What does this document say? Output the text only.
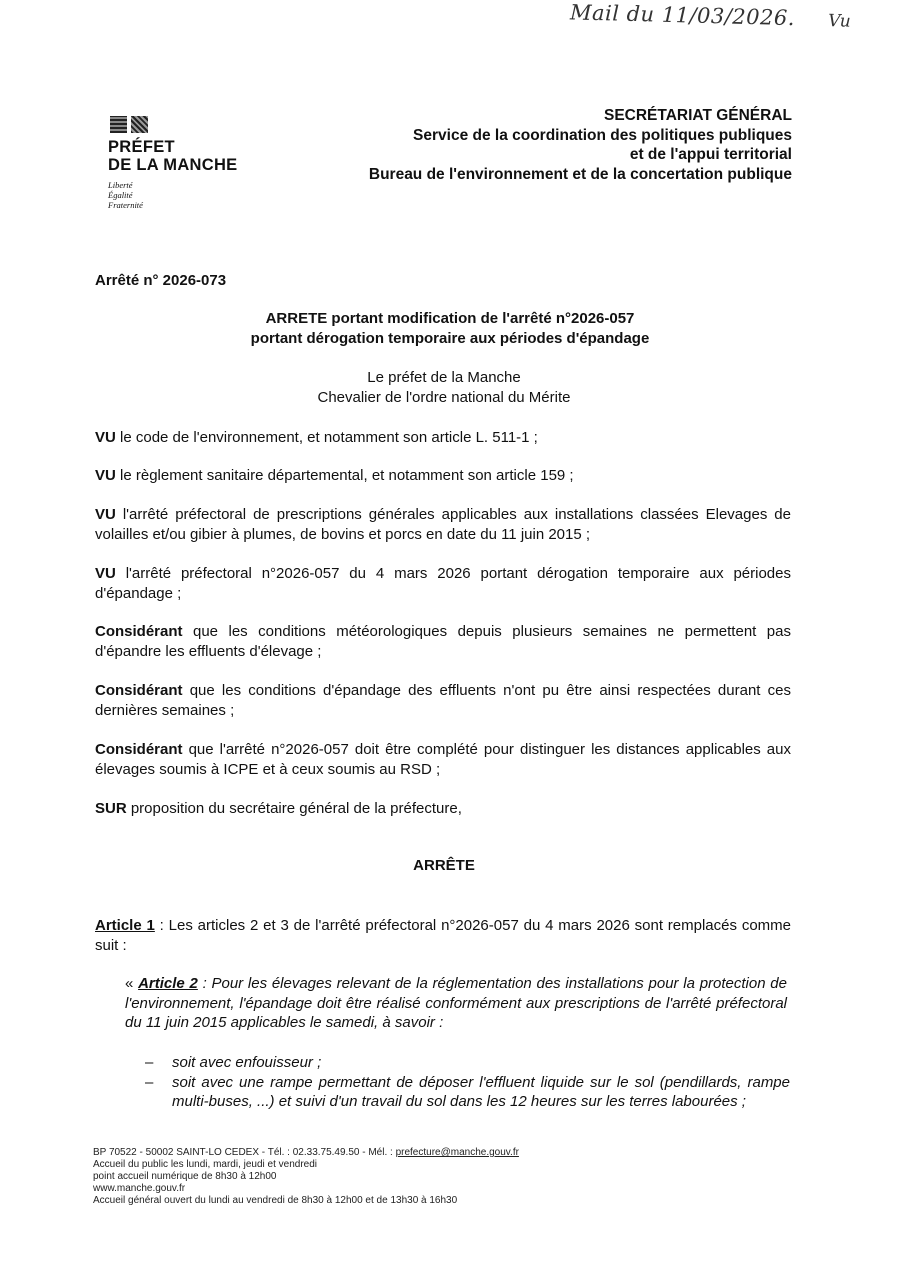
Mail du 11/03/2026. Vu
PRÉFET
DE LA MANCHE
Liberté
Égalité
Fraternité
SECRÉTARIAT GÉNÉRAL
Service de la coordination des politiques publiques
et de l'appui territorial
Bureau de l'environnement et de la concertation publique
Arrêté n° 2026-073
ARRETE portant modification de l'arrêté n°2026-057
portant dérogation temporaire aux périodes d'épandage
Le préfet de la Manche
Chevalier de l'ordre national du Mérite
VU le code de l'environnement, et notamment son article L. 511-1 ;
VU le règlement sanitaire départemental, et notamment son article 159 ;
VU l'arrêté préfectoral de prescriptions générales applicables aux installations classées Elevages de volailles et/ou gibier à plumes, de bovins et porcs en date du 11 juin 2015 ;
VU l'arrêté préfectoral n°2026-057 du 4 mars 2026 portant dérogation temporaire aux périodes d'épandage ;
Considérant que les conditions météorologiques depuis plusieurs semaines ne permettent pas d'épandre les effluents d'élevage ;
Considérant que les conditions d'épandage des effluents n'ont pu être ainsi respectées durant ces dernières semaines ;
Considérant que l'arrêté n°2026-057 doit être complété pour distinguer les distances applicables aux élevages soumis à ICPE et à ceux soumis au RSD ;
SUR proposition du secrétaire général de la préfecture,
ARRÊTE
Article 1 : Les articles 2 et 3 de l'arrêté préfectoral n°2026-057 du 4 mars 2026 sont remplacés comme suit :
« Article 2 : Pour les élevages relevant de la réglementation des installations pour la protection de l'environnement, l'épandage doit être réalisé conformément aux prescriptions de l'arrêté préfectoral du 11 juin 2015 applicables le samedi, à savoir :
– soit avec enfouisseur ;
– soit avec une rampe permettant de déposer l'effluent liquide sur le sol (pendillards, rampe multi-buses, ...) et suivi d'un travail du sol dans les 12 heures sur les terres labourées ;
BP 70522 - 50002 SAINT-LO CEDEX - Tél. : 02.33.75.49.50 - Mél. : prefecture@manche.gouv.fr
Accueil du public les lundi, mardi, jeudi et vendredi
point accueil numérique de 8h30 à 12h00
www.manche.gouv.fr
Accueil général ouvert du lundi au vendredi de 8h30 à 12h00 et de 13h30 à 16h30
